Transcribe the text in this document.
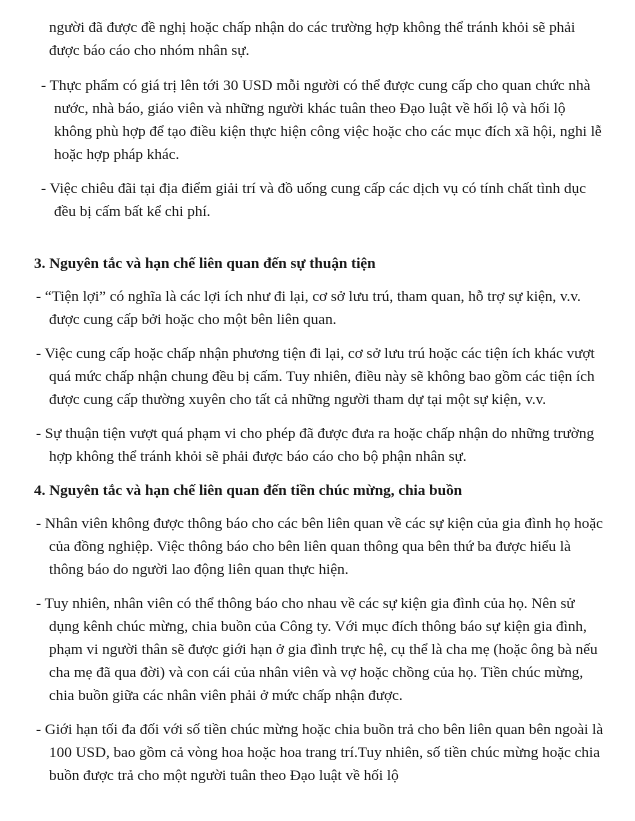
người đã được đề nghị hoặc chấp nhận do các trường hợp không thể tránh khỏi sẽ phải được báo cáo cho nhóm nhân sự.

- Thực phẩm có giá trị lên tới 30 USD mỗi người có thể được cung cấp cho quan chức nhà nước, nhà báo, giáo viên và những người khác tuân theo Đạo luật về hối lộ và hối lộ không phù hợp để tạo điều kiện thực hiện công việc hoặc cho các mục đích xã hội, nghi lễ hoặc hợp pháp khác.

- Việc chiêu đãi tại địa điểm giải trí và đồ uống cung cấp các dịch vụ có tính chất tình dục đều bị cấm bất kể chi phí.

3. Nguyên tắc và hạn chế liên quan đến sự thuận tiện

- “Tiện lợi” có nghĩa là các lợi ích như đi lại, cơ sở lưu trú, tham quan, hỗ trợ sự kiện, v.v. được cung cấp bởi hoặc cho một bên liên quan.

- Việc cung cấp hoặc chấp nhận phương tiện đi lại, cơ sở lưu trú hoặc các tiện ích khác vượt quá mức chấp nhận chung đều bị cấm. Tuy nhiên, điều này sẽ không bao gồm các tiện ích được cung cấp thường xuyên cho tất cả những người tham dự tại một sự kiện, v.v.

- Sự thuận tiện vượt quá phạm vi cho phép đã được đưa ra hoặc chấp nhận do những trường hợp không thể tránh khỏi sẽ phải được báo cáo cho bộ phận nhân sự.

4. Nguyên tắc và hạn chế liên quan đến tiền chúc mừng, chia buồn

- Nhân viên không được thông báo cho các bên liên quan về các sự kiện của gia đình họ hoặc của đồng nghiệp. Việc thông báo cho bên liên quan thông qua bên thứ ba được hiểu là thông báo do người lao động liên quan thực hiện.

- Tuy nhiên, nhân viên có thể thông báo cho nhau về các sự kiện gia đình của họ. Nên sử dụng kênh chúc mừng, chia buồn của Công ty. Với mục đích thông báo sự kiện gia đình, phạm vi người thân sẽ được giới hạn ở gia đình trực hệ, cụ thể là cha mẹ (hoặc ông bà nếu cha mẹ đã qua đời) và con cái của nhân viên và vợ hoặc chồng của họ. Tiền chúc mừng, chia buồn giữa các nhân viên phải ở mức chấp nhận được.

- Giới hạn tối đa đối với số tiền chúc mừng hoặc chia buồn trả cho bên liên quan bên ngoài là 100 USD, bao gồm cả vòng hoa hoặc hoa trang trí.Tuy nhiên, số tiền chúc mừng hoặc chia buồn được trả cho một người tuân theo Đạo luật về hối lộ
